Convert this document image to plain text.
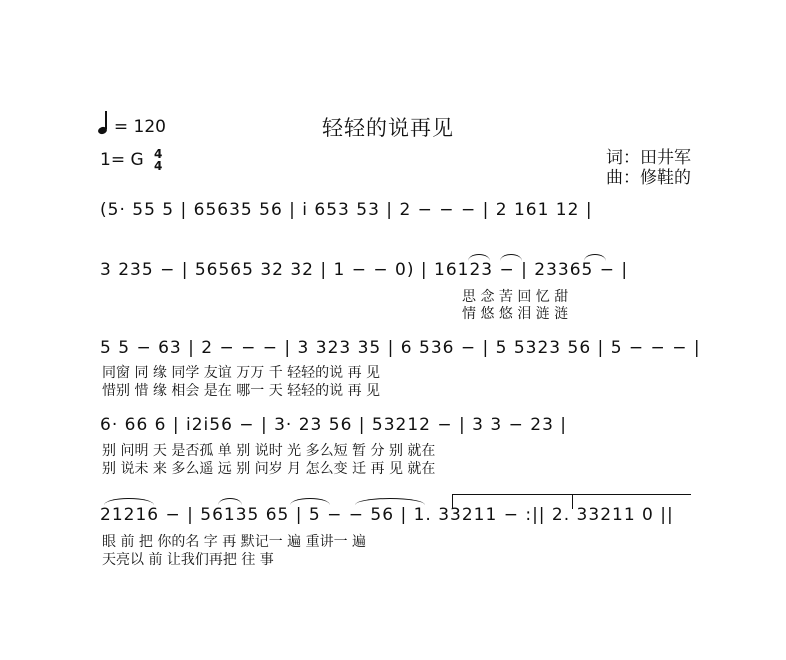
= 120	轻轻的说再见
1= G 4
4	词：田井军
曲：修鞋的
(5· 55 5 | 65635 56 | i 653 53 | 2 − − − | 2 161 12 |
3 235 − | 56565 32 32 | 1 − − 0) | 16123 − | 23365 − |
思 念 苦 回 忆 甜
情 悠 悠 泪 涟 涟
5 5 − 63 | 2 − − − | 3 323 35 | 6 536 − | 5 5323 56 | 5 − − − |
同窗 同 缘 同学 友谊 万万 千 轻轻的说 再 见
惜别 惜 缘 相会 是在 哪一 天 轻轻的说 再 见
6· 66 6 | i2i56 − | 3· 23 56 | 53212 − | 3 3 − 23 |
别 问明 天 是否孤 单 别 说时 光 多么短 暂 分 别 就在
别 说未 来 多么遥 远 别 问岁 月 怎么变 迁 再 见 就在
21216 − | 56135 65 | 5 − − 56 | 1. 33211 − :|| 2. 33211 0 ||
眼 前 把 你的名 字 再 默记一 遍 重讲一 遍
天亮以 前 让我们再把 往 事
